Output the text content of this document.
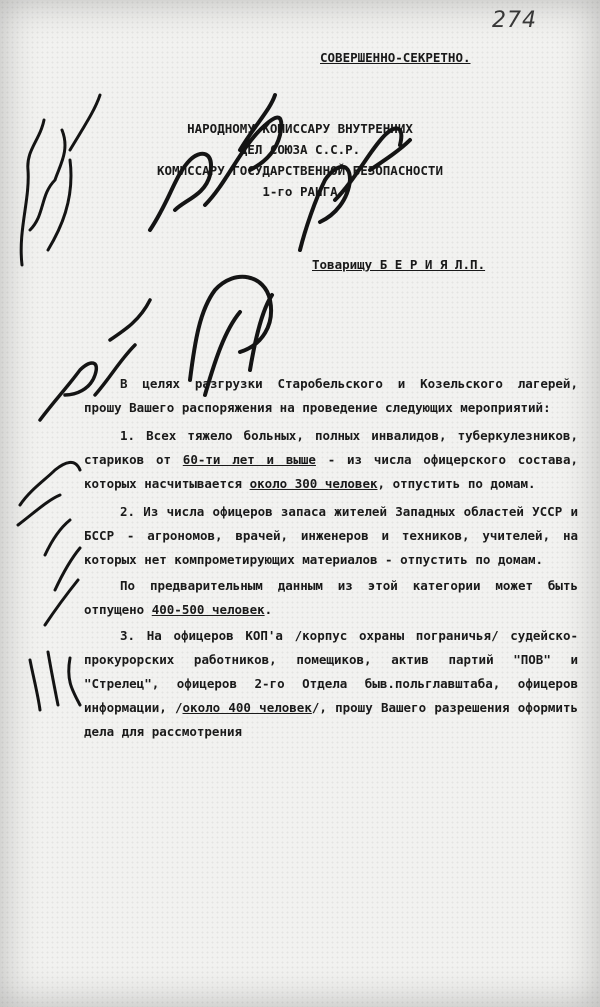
274
СОВЕРШЕННО-СЕКРЕТНО.
НАРОДНОМУ КОМИССАРУ ВНУТРЕННИХ
ДЕЛ СОЮЗА С.С.Р.
КОМИССАРУ ГОСУДАРСТВЕННОЙ БЕЗОПАСНОСТИ
1-го РАНГА
Товарищу Б Е Р И Я Л.П.

В целях разгрузки Старобельского и Козельского лагерей, прошу Вашего распоряжения на проведение следующих мероприятий:

1. Всех тяжело больных, полных инвалидов, туберкулезников, стариков от 60-ти лет и выше - из числа офицерского состава, которых насчитывается около 300 человек, отпустить по домам.

2. Из числа офицеров запаса жителей Западных областей УССР и БССР - агрономов, врачей, инженеров и техников, учителей, на которых нет компрометирующих материалов - отпустить по домам.

По предварительным данным из этой категории может быть отпущено 400-500 человек.

3. На офицеров КОП'а /корпус охраны пограничья/ судейско-прокурорских работников, помещиков, актив партий "ПОВ" и "Стрелец", офицеров 2-го Отдела быв.польглавштаба, офицеров информации, /около 400 человек/, прошу Вашего разрешения оформить дела для рассмотрения
